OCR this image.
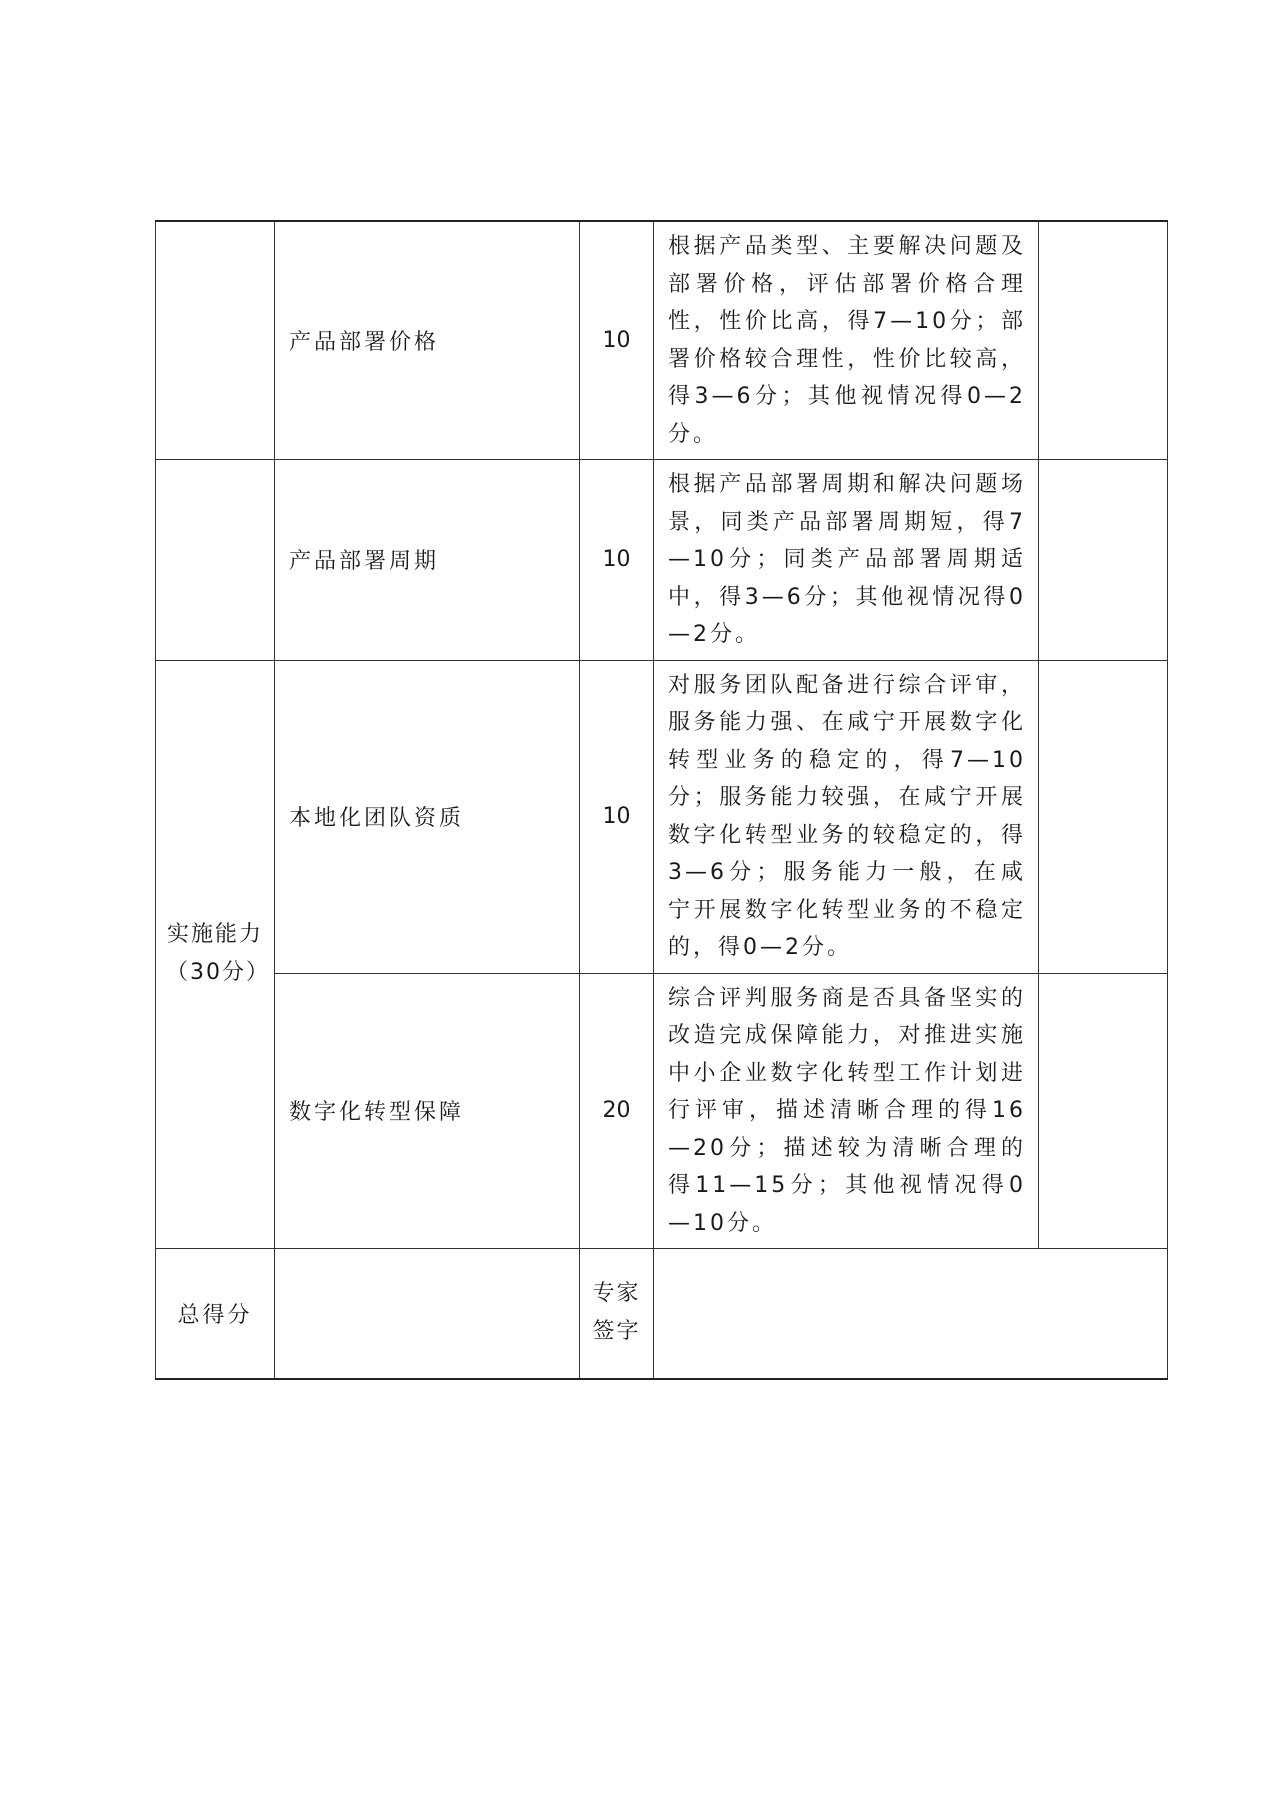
	产品部署价格	10	根据产品类型、主要解决问题及部署价格，评估部署价格合理性，性价比高，得7—10分；部署价格较合理性，性价比较高，得3—6分；其他视情况得0—2分。	
	产品部署周期	10	根据产品部署周期和解决问题场景，同类产品部署周期短，得7—10分；同类产品部署周期适中，得3—6分；其他视情况得0—2分。	

实施能力（30分）	本地化团队资质	10	对服务团队配备进行综合评审，服务能力强、在咸宁开展数字化转型业务的稳定的，得7—10分；服务能力较强，在咸宁开展数字化转型业务的较稳定的，得3—6分；服务能力一般，在咸宁开展数字化转型业务的不稳定的，得0—2分。	
	数字化转型保障	20	综合评判服务商是否具备坚实的改造完成保障能力，对推进实施中小企业数字化转型工作计划进行评审，描述清晰合理的得16—20分；描述较为清晰合理的得11—15分；其他视情况得0—10分。	
总得分		专家签字		
